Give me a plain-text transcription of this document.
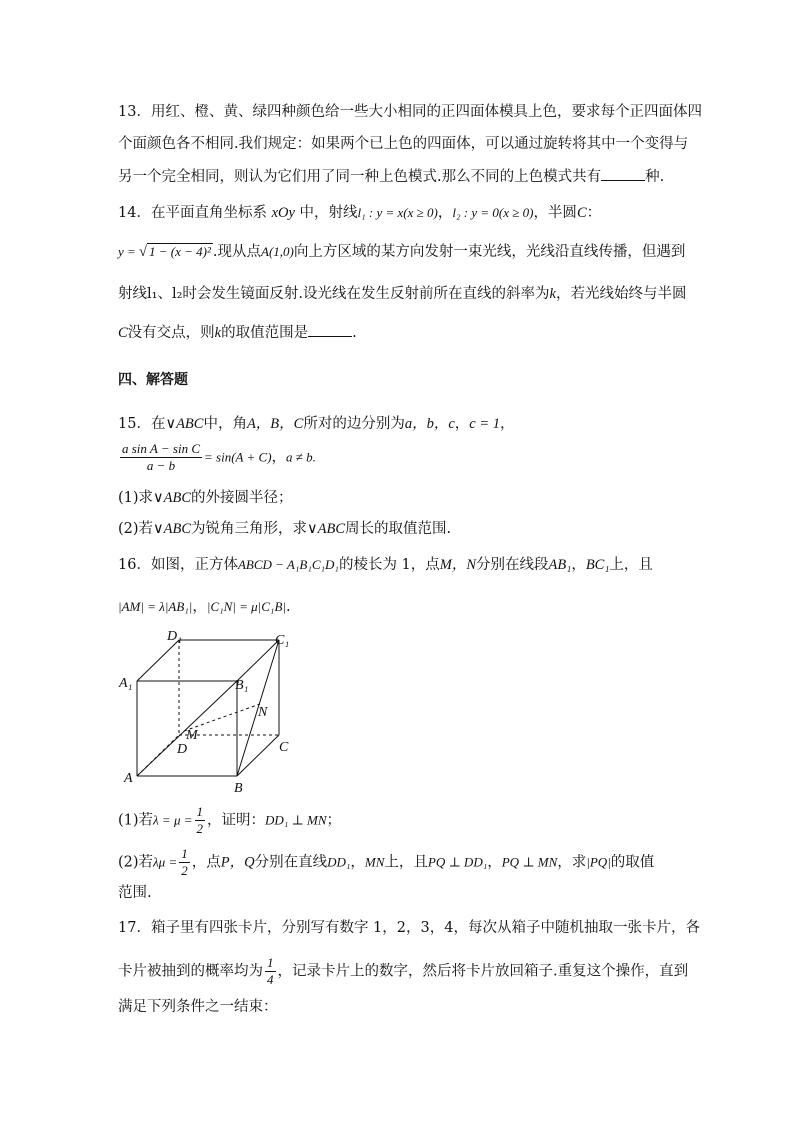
13．用红、橙、黄、绿四种颜色给一些大小相同的正四面体模具上色，要求每个正四面体四
个面颜色各不相同.我们规定：如果两个已上色的四面体，可以通过旋转将其中一个变得与
另一个完全相同，则认为它们用了同一种上色模式.那么不同的上色模式共有	种.
14．在平面直角坐标系 xOy 中，射线l₁ : y = x(x ≥ 0)，l₂ : y = 0(x ≥ 0)，半圆C：
y = √ 1 − (x − 4)² .现从点A(1,0)向上方区域的某方向发射一束光线，光线沿直线传播，但遇到
射线l₁、l₂时会发生镜面反射.设光线在发生反射前所在直线的斜率为k，若光线始终与半圆
C没有交点，则k的取值范围是	.
四、解答题
15．在∨ABC中，角A，B，C所对的边分别为a，b，c，c = 1，
$\frac{\text{a sin A − sin C}}{a - b} = \sin(A + C)$，a ≠ b.
(1)求∨ABC的外接圆半径；
(2)若∨ABC为锐角三角形，求∨ABC周长的取值范围.
16．如图，正方体ABCD − A₁B₁C₁D₁的棱长为 1，点M，N分别在线段AB₁，BC₁上，且
|AM| = λ|AB₁|，|C₁N| = μ|C₁B|.
D₁	C₁
A₁	B₁
N
M
D	C
A
B
(1)若$\lambda = \mu = \frac{1}{2}$ ，证明：DD₁ ⊥ MN；
(2)若$\lambda\mu = \frac{1}{2}$ ，点P，Q分别在直线DD₁，MN上，且PQ ⊥ DD₁，PQ ⊥ MN，求|PQ|的取值
范围.
17．箱子里有四张卡片，分别写有数字 1，2，3，4，每次从箱子中随机抽取一张卡片，各
卡片被抽到的概率均为 $\frac{1}{4}$ ，记录卡片上的数字，然后将卡片放回箱子.重复这个操作，直到
满足下列条件之一结束：
